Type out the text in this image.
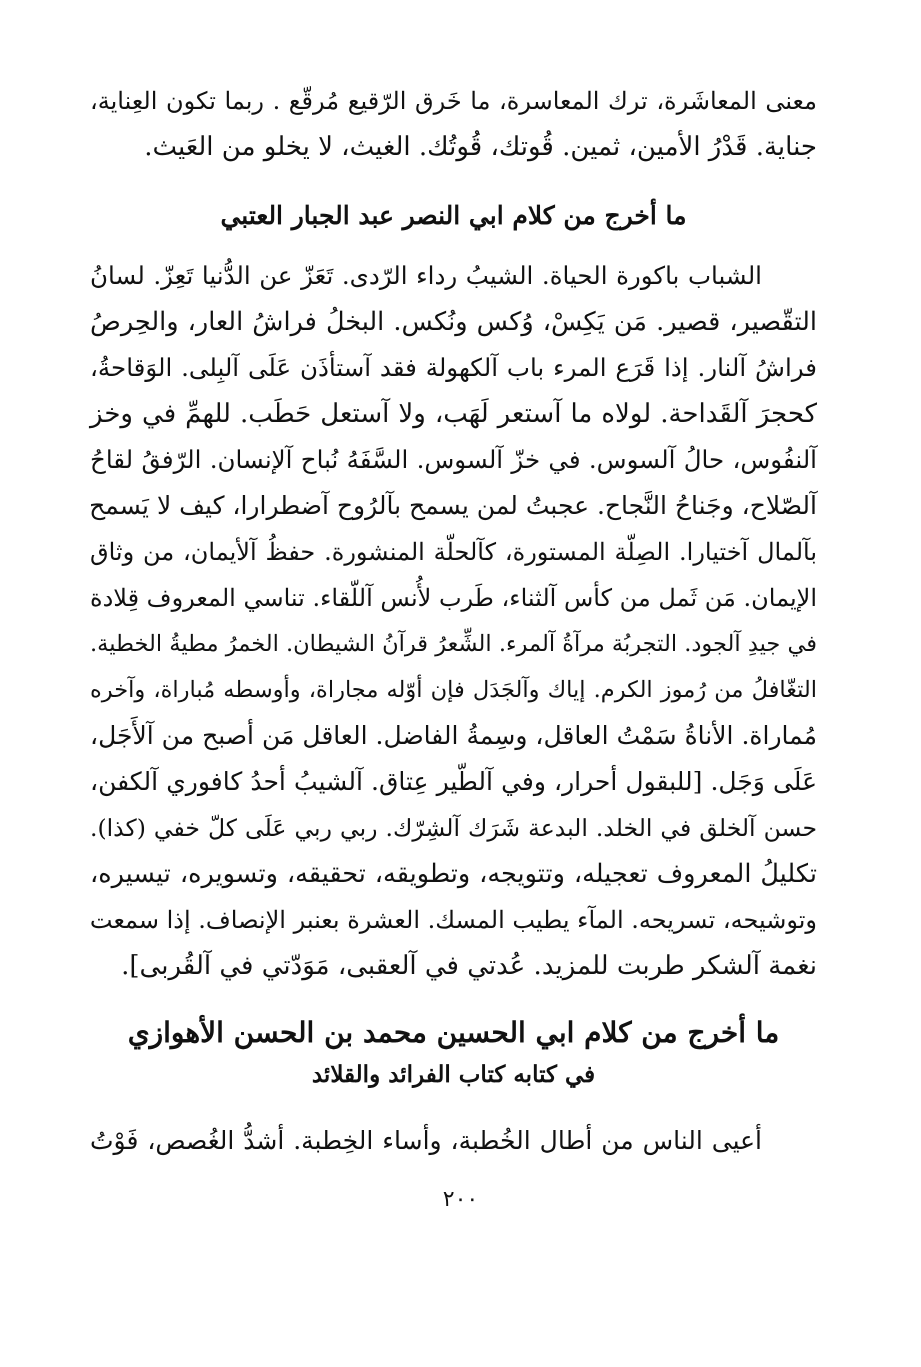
معنى المعاشَرة، ترك المعاسرة، ما خَرق الرّقيع مُرقّع . ربما تكون العِناية،
جناية. قَدْرُ الأمين، ثمين. قُوتك، قُوتُك. الغيث، لا يخلو من العَيث.
ما أخرج من كلام ابي النصر عبد الجبار العتبي
الشباب باكورة الحياة. الشيبُ رداء الرّدى. تَعَزّ عن الدُّنيا تَعِزّ. لسانُ
التقّصير، قصير. مَن يَكِسْ، وُكس ونُكس. البخلُ فراشُ العار، والحِرصُ
فراشُ آلنار. إذا قَرَع المرء باب آلكهولة فقد آستأذَن عَلَى آلبِلى. الوَقاحةُ،
كحجرَ آلقَداحة. لولاه ما آستعر لَهَب، ولا آستعل حَطَب. للهمِّ في وخز
آلنفُوس، حالُ آلسوس. في خزّ آلسوس. السَّفَهُ نُباح آلإنسان. الرّفقُ لقاحُ
آلصّلاح، وجَناحُ النَّجاح. عجبتُ لمن يسمح بآلرُوح آضطرارا، كيف لا يَسمح
بآلمال آختيارا. الصِلّة المستورة، كآلحلّة المنشورة. حفظُ آلأيمان، من وثاق
الإيمان. مَن ثَمل من كأس آلثناء، طَرب لأُنس آللّقاء. تناسي المعروف قِلادة
في جيدِ آلجود. التجربُة مرآةُ آلمرء. الشِّعرُ قرآنُ الشيطان. الخمرُ مطيةُ الخطية.
التغّافلُ من رُموز الكرم. إياك وآلجَدَل فإن أوّله مجاراة، وأوسطه مُباراة، وآخره
مُماراة. الأناةُ سَمْتُ العاقل، وسِمةُ الفاضل. العاقل مَن أصبح من آلأَجَل،
عَلَى وَجَل. [للبقول أحرار، وفي آلطّير عِتاق. آلشيبُ أحدُ كافوري آلكفن،
حسن آلخلق في الخلد. البدعة شَرَك آلشِرّك. ربي ربي عَلَى كلّ خفي (كذا).
تكليلُ المعروف تعجيله، وتتويجه، وتطويقه، تحقيقه، وتسويره، تيسيره،
وتوشيحه، تسريحه. المآء يطيب المسك. العشرة بعنبر الإنصاف. إذا سمعت
نغمة آلشكر طربت للمزيد. عُدتي في آلعقبى، مَوَدّتي في آلقُربى].
ما أخرج من كلام ابي الحسين محمد بن الحسن الأهوازي
في كتابه كتاب الفرائد والقلائد
أعيى الناس من أطال الخُطبة، وأساء الخِطبة. أشدُّ الغُصص، فَوْتُ
٢٠٠
